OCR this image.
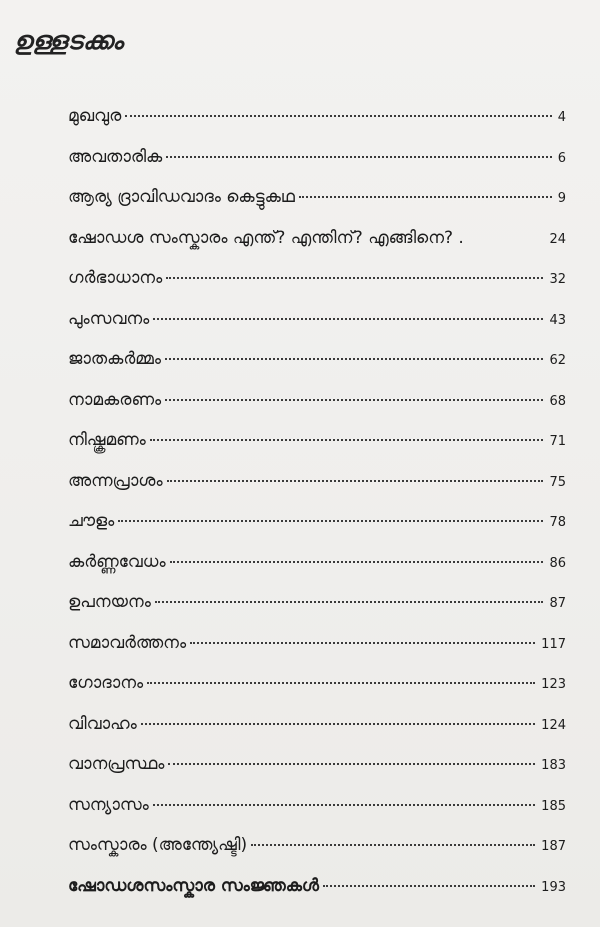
ഉള്ളടക്കം
മുഖവുര	4
അവതാരിക	6
ആര്യ ദ്രാവിഡവാദം കെട്ടുകഥ	9
ഷോഡശ സംസ്കാരം എന്ത്? എന്തിന്? എങ്ങിനെ? .	24
ഗർഭാധാനം	32
പുംസവനം	43
ജാതകർമ്മം	62
നാമകരണം	68
നിഷ്ക്രമണം	71
അന്നപ്രാശം	75
ചൗളം	78
കർണ്ണവേധം	86
ഉപനയനം	87
സമാവർത്തനം	117
ഗോദാനം	123
വിവാഹം	124
വാനപ്രസ്ഥം	183
സന്യാസം	185
സംസ്കാരം (അന്ത്യേഷ്ടി)	187
ഷോഡശസംസ്കാര സംജ്ഞകൾ	193
